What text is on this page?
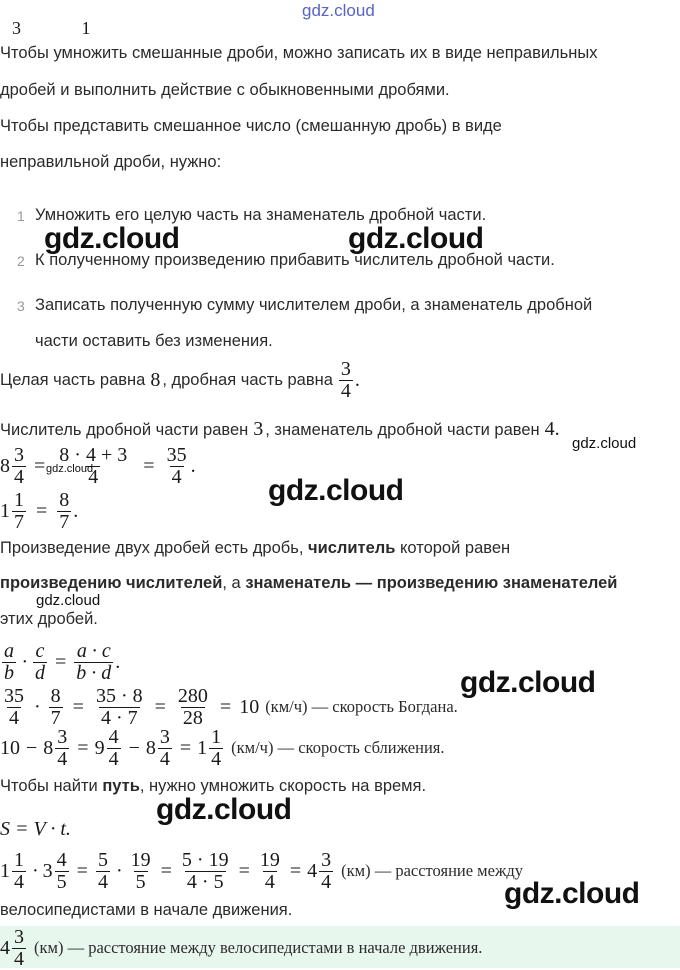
gdz.cloud
3 1
Чтобы умножить смешанные дроби, можно записать их в виде неправильных
дробей и выполнить действие с обыкновенными дробями.
Чтобы представить смешанное число (смешанную дробь) в виде
неправильной дроби, нужно:
1 Умножить его целую часть на знаменатель дробной части.
2 К полученному произведению прибавить числитель дробной части.
3 Записать полученную сумму числителем дроби, а знаменатель дробной
части оставить без изменения.
Целая часть равна 8 , дробная часть равна $\frac{3}{4}$ .
Числитель дробной части равен 3 , знаменатель дробной части равен 4 .
$8 \frac{3}{4} = \frac{8 \cdot 4 + 3}{4} = \frac{35}{4}$ .
$1 \frac{1}{7} = \frac{8}{7}$ .
Произведение двух дробей есть дробь, числитель которой равен
произведению числителей, а знаменатель — произведению знаменателей
этих дробей.
$\frac{a}{b} \cdot \frac{c}{d} = \frac{a \cdot c}{b \cdot d}$ .
$\frac{35}{4} \cdot \frac{8}{7} = \frac{35 \cdot 8}{4 \cdot 7} = \frac{280}{28} = 10$ (км/ч) — скорость Богдана.
$10 - 8 \frac{3}{4} = 9 \frac{4}{4} - 8 \frac{3}{4} = 1 \frac{1}{4} (км/ч)$ — скорость сближения.
Чтобы найти путь, нужно умножить скорость на время.
S = V · t.
$1 \frac{1}{4} \cdot 3 \frac{4}{5} = \frac{5}{4} \cdot \frac{19}{5} = \frac{5 \cdot 19}{4 \cdot 5} = \frac{19}{4} = 4 \frac{3}{4} (км)$ — расстояние между
велосипедистами в начале движения.
$4 \frac{3}{4} (км)$ — расстояние между велосипедистами в начале движения.
gdz.cloud	gdz.cloud
gdz.cloud
gdz.cloud
gdz.cloud
gdz.cloud
gdz.cloud
gdz.cloud
gdz.cloud
